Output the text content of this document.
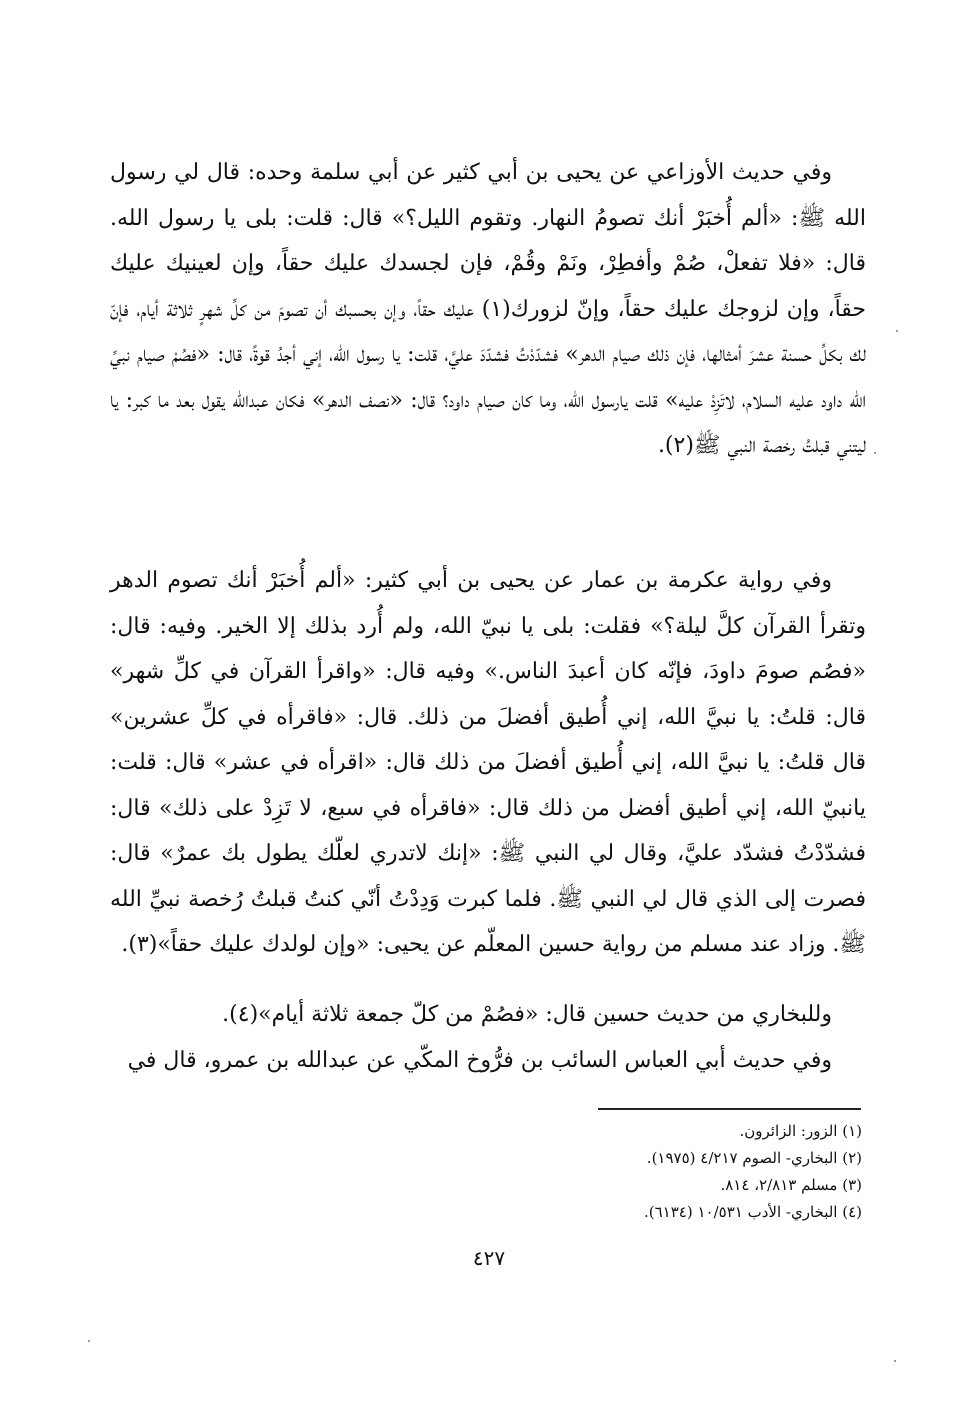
وفي حديث الأوزاعي عن يحيى بن أبي كثير عن أبي سلمة وحده: قال لي رسول الله ﷺ: «ألم أُخبَرْ أنك تصومُ النهار. وتقوم الليل؟» قال: قلت: بلى يا رسول الله. قال: «فلا تفعلْ، صُمْ وأفطِرْ، ونَمْ وقُمْ، فإن لجسدك عليك حقاً، وإن لعينيك عليك حقاً، وإن لزوجك عليك حقاً، وإنّ لزورك(١) عليك حقاً، وإن بحسبك أن تصومَ من كلِّ شهرٍ ثلاثة أيام، فإنّ لك بكلِّ حسنة عشرَ أمثالها، فإن ذلك صيام الدهر» فشدّدْتُ فشدّدَ عليَّ، قلت: يا رسول الله، إني أجدُ قوةً، قال: «فصُمْ صيام نبيِّ الله داود عليه السلام، لاتَزِدْ عليه» قلت يارسول الله، وما كان صيام داود؟ قال: «نصف الدهر» فكان عبدالله يقول بعد ما كبر: يا ليتني قبلتُ رخصة النبي ﷺ(٢).

وفي رواية عكرمة بن عمار عن يحيى بن أبي كثير: «ألم أُخبَرْ أنك تصوم الدهر وتقرأ القرآن كلَّ ليلة؟» فقلت: بلى يا نبيّ الله، ولم أُرد بذلك إلا الخير. وفيه: قال: «فصُم صومَ داودَ، فإنّه كان أعبدَ الناس.» وفيه قال: «واقرأ القرآن في كلِّ شهر» قال: قلتُ: يا نبيَّ الله، إني أُطيق أفضلَ من ذلك. قال: «فاقرأه في كلِّ عشرين» قال قلتُ: يا نبيَّ الله، إني أُطيق أفضلَ من ذلك قال: «اقرأه في عشر» قال: قلت: يانبيّ الله، إني أطيق أفضل من ذلك قال: «فاقرأه في سبع، لا تَزِدْ على ذلك» قال: فشدّدْتُ فشدّد عليَّ، وقال لي النبي ﷺ: «إنك لاتدري لعلّك يطول بك عمرٌ» قال: فصرت إلى الذي قال لي النبي ﷺ. فلما كبرت وَدِدْتُ أنّي كنتُ قبلتُ رُخصة نبيِّ الله ﷺ. وزاد عند مسلم من رواية حسين المعلّم عن يحيى: «وإن لولدك عليك حقاً»(٣).

وللبخاري من حديث حسين قال: «فصُمْ من كلّ جمعة ثلاثة أيام»(٤).

وفي حديث أبي العباس السائب بن فرُّوخ المكّي عن عبدالله بن عمرو، قال في

(١) الزور: الزائرون.
(٢) البخاري- الصوم ٤/٢١٧ (١٩٧٥).
(٣) مسلم ٢/٨١٣، ٨١٤.
(٤) البخاري- الأدب ١٠/٥٣١ (٦١٣٤).
٤٢٧
